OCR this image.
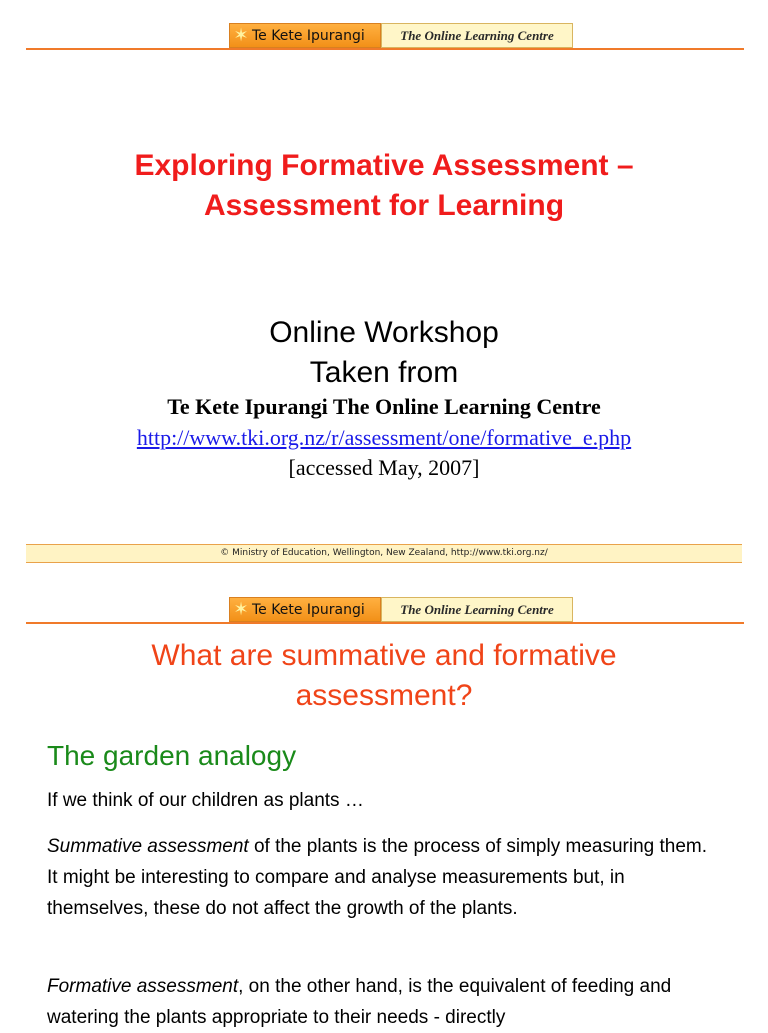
✶ Te Kete Ipurangi	The Online Learning Centre
Exploring Formative Assessment –
Assessment for Learning
Online Workshop
Taken from
Te Kete Ipurangi The Online Learning Centre
http://www.tki.org.nz/r/assessment/one/formative_e.php
[accessed May, 2007]
© Ministry of Education, Wellington, New Zealand, http://www.tki.org.nz/
✶ Te Kete Ipurangi	The Online Learning Centre
What are summative and formative
assessment?
The garden analogy
If we think of our children as plants …
Summative assessment of the plants is the process of simply measuring them. It might be interesting to compare and analyse measurements but, in themselves, these do not affect the growth of the plants.
Formative assessment, on the other hand, is the equivalent of feeding and watering the plants appropriate to their needs - directly
